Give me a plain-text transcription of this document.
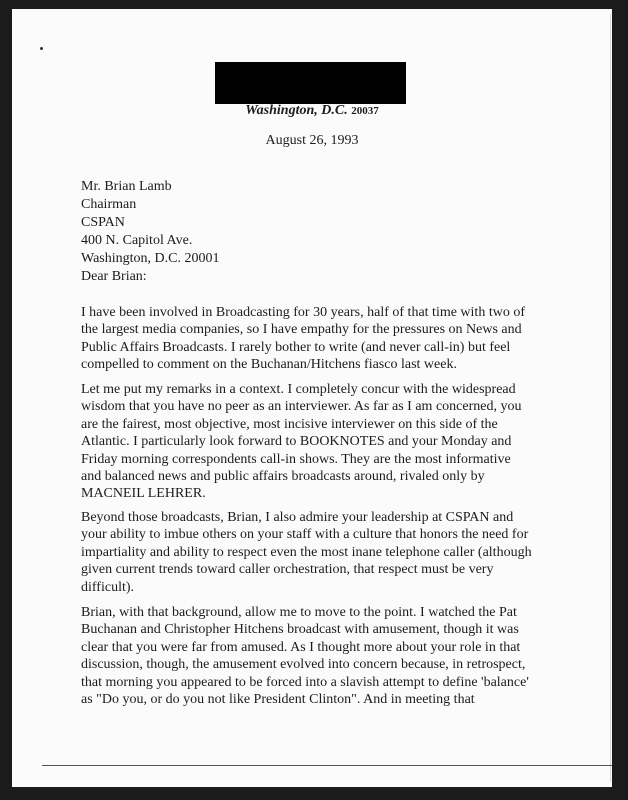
Washington, D.C. 20037
August 26, 1993
Mr. Brian Lamb
Chairman
CSPAN
400 N. Capitol Ave.
Washington, D.C. 20001
Dear Brian:

I have been involved in Broadcasting for 30 years, half of that time with two of
the largest media companies, so I have empathy for the pressures on News and
Public Affairs Broadcasts. I rarely bother to write (and never call-in) but feel
compelled to comment on the Buchanan/Hitchens fiasco last week.

Let me put my remarks in a context. I completely concur with the widespread
wisdom that you have no peer as an interviewer. As far as I am concerned, you
are the fairest, most objective, most incisive interviewer on this side of the
Atlantic. I particularly look forward to BOOKNOTES and your Monday and
Friday morning correspondents call-in shows. They are the most informative
and balanced news and public affairs broadcasts around, rivaled only by
MACNEIL LEHRER.

Beyond those broadcasts, Brian, I also admire your leadership at CSPAN and
your ability to imbue others on your staff with a culture that honors the need for
impartiality and ability to respect even the most inane telephone caller (although
given current trends toward caller orchestration, that respect must be very
difficult).

Brian, with that background, allow me to move to the point. I watched the Pat
Buchanan and Christopher Hitchens broadcast with amusement, though it was
clear that you were far from amused. As I thought more about your role in that
discussion, though, the amusement evolved into concern because, in retrospect,
that morning you appeared to be forced into a slavish attempt to define 'balance'
as "Do you, or do you not like President Clinton". And in meeting that
